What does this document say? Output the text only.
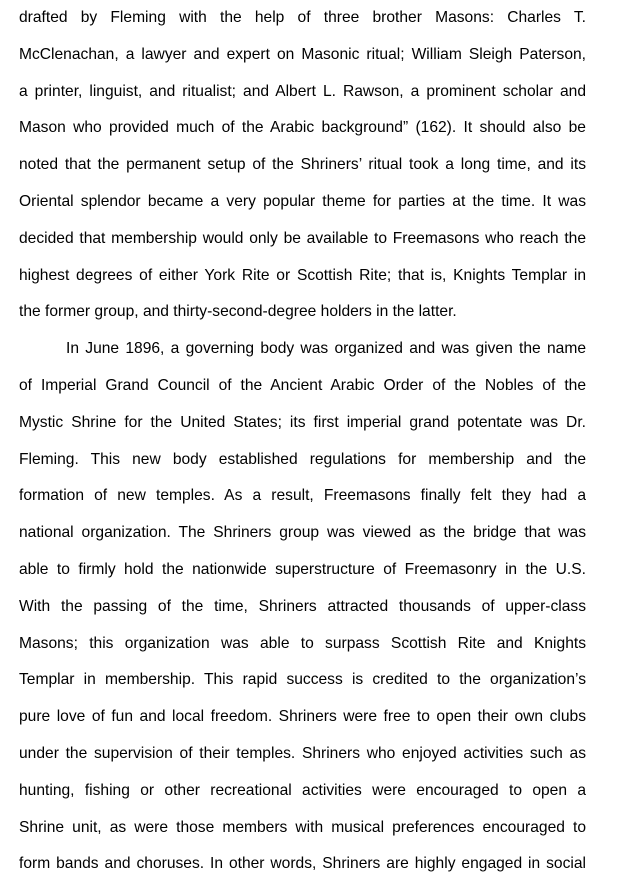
drafted by Fleming with the help of three brother Masons: Charles T.
McClenachan, a lawyer and expert on Masonic ritual; William Sleigh Paterson,
a printer, linguist, and ritualist; and Albert L. Rawson, a prominent scholar and
Mason who provided much of the Arabic background” (162). It should also be
noted that the permanent setup of the Shriners’ ritual took a long time, and its
Oriental splendor became a very popular theme for parties at the time. It was
decided that membership would only be available to Freemasons who reach the
highest degrees of either York Rite or Scottish Rite; that is, Knights Templar in
the former group, and thirty-second-degree holders in the latter.
In June 1896, a governing body was organized and was given the name
of Imperial Grand Council of the Ancient Arabic Order of the Nobles of the
Mystic Shrine for the United States; its first imperial grand potentate was Dr.
Fleming. This new body established regulations for membership and the
formation of new temples. As a result, Freemasons finally felt they had a
national organization. The Shriners group was viewed as the bridge that was
able to firmly hold the nationwide superstructure of Freemasonry in the U.S.
With the passing of the time, Shriners attracted thousands of upper-class
Masons; this organization was able to surpass Scottish Rite and Knights
Templar in membership. This rapid success is credited to the organization’s
pure love of fun and local freedom. Shriners were free to open their own clubs
under the supervision of their temples. Shriners who enjoyed activities such as
hunting, fishing or other recreational activities were encouraged to open a
Shrine unit, as were those members with musical preferences encouraged to
form bands and choruses. In other words, Shriners are highly engaged in social
